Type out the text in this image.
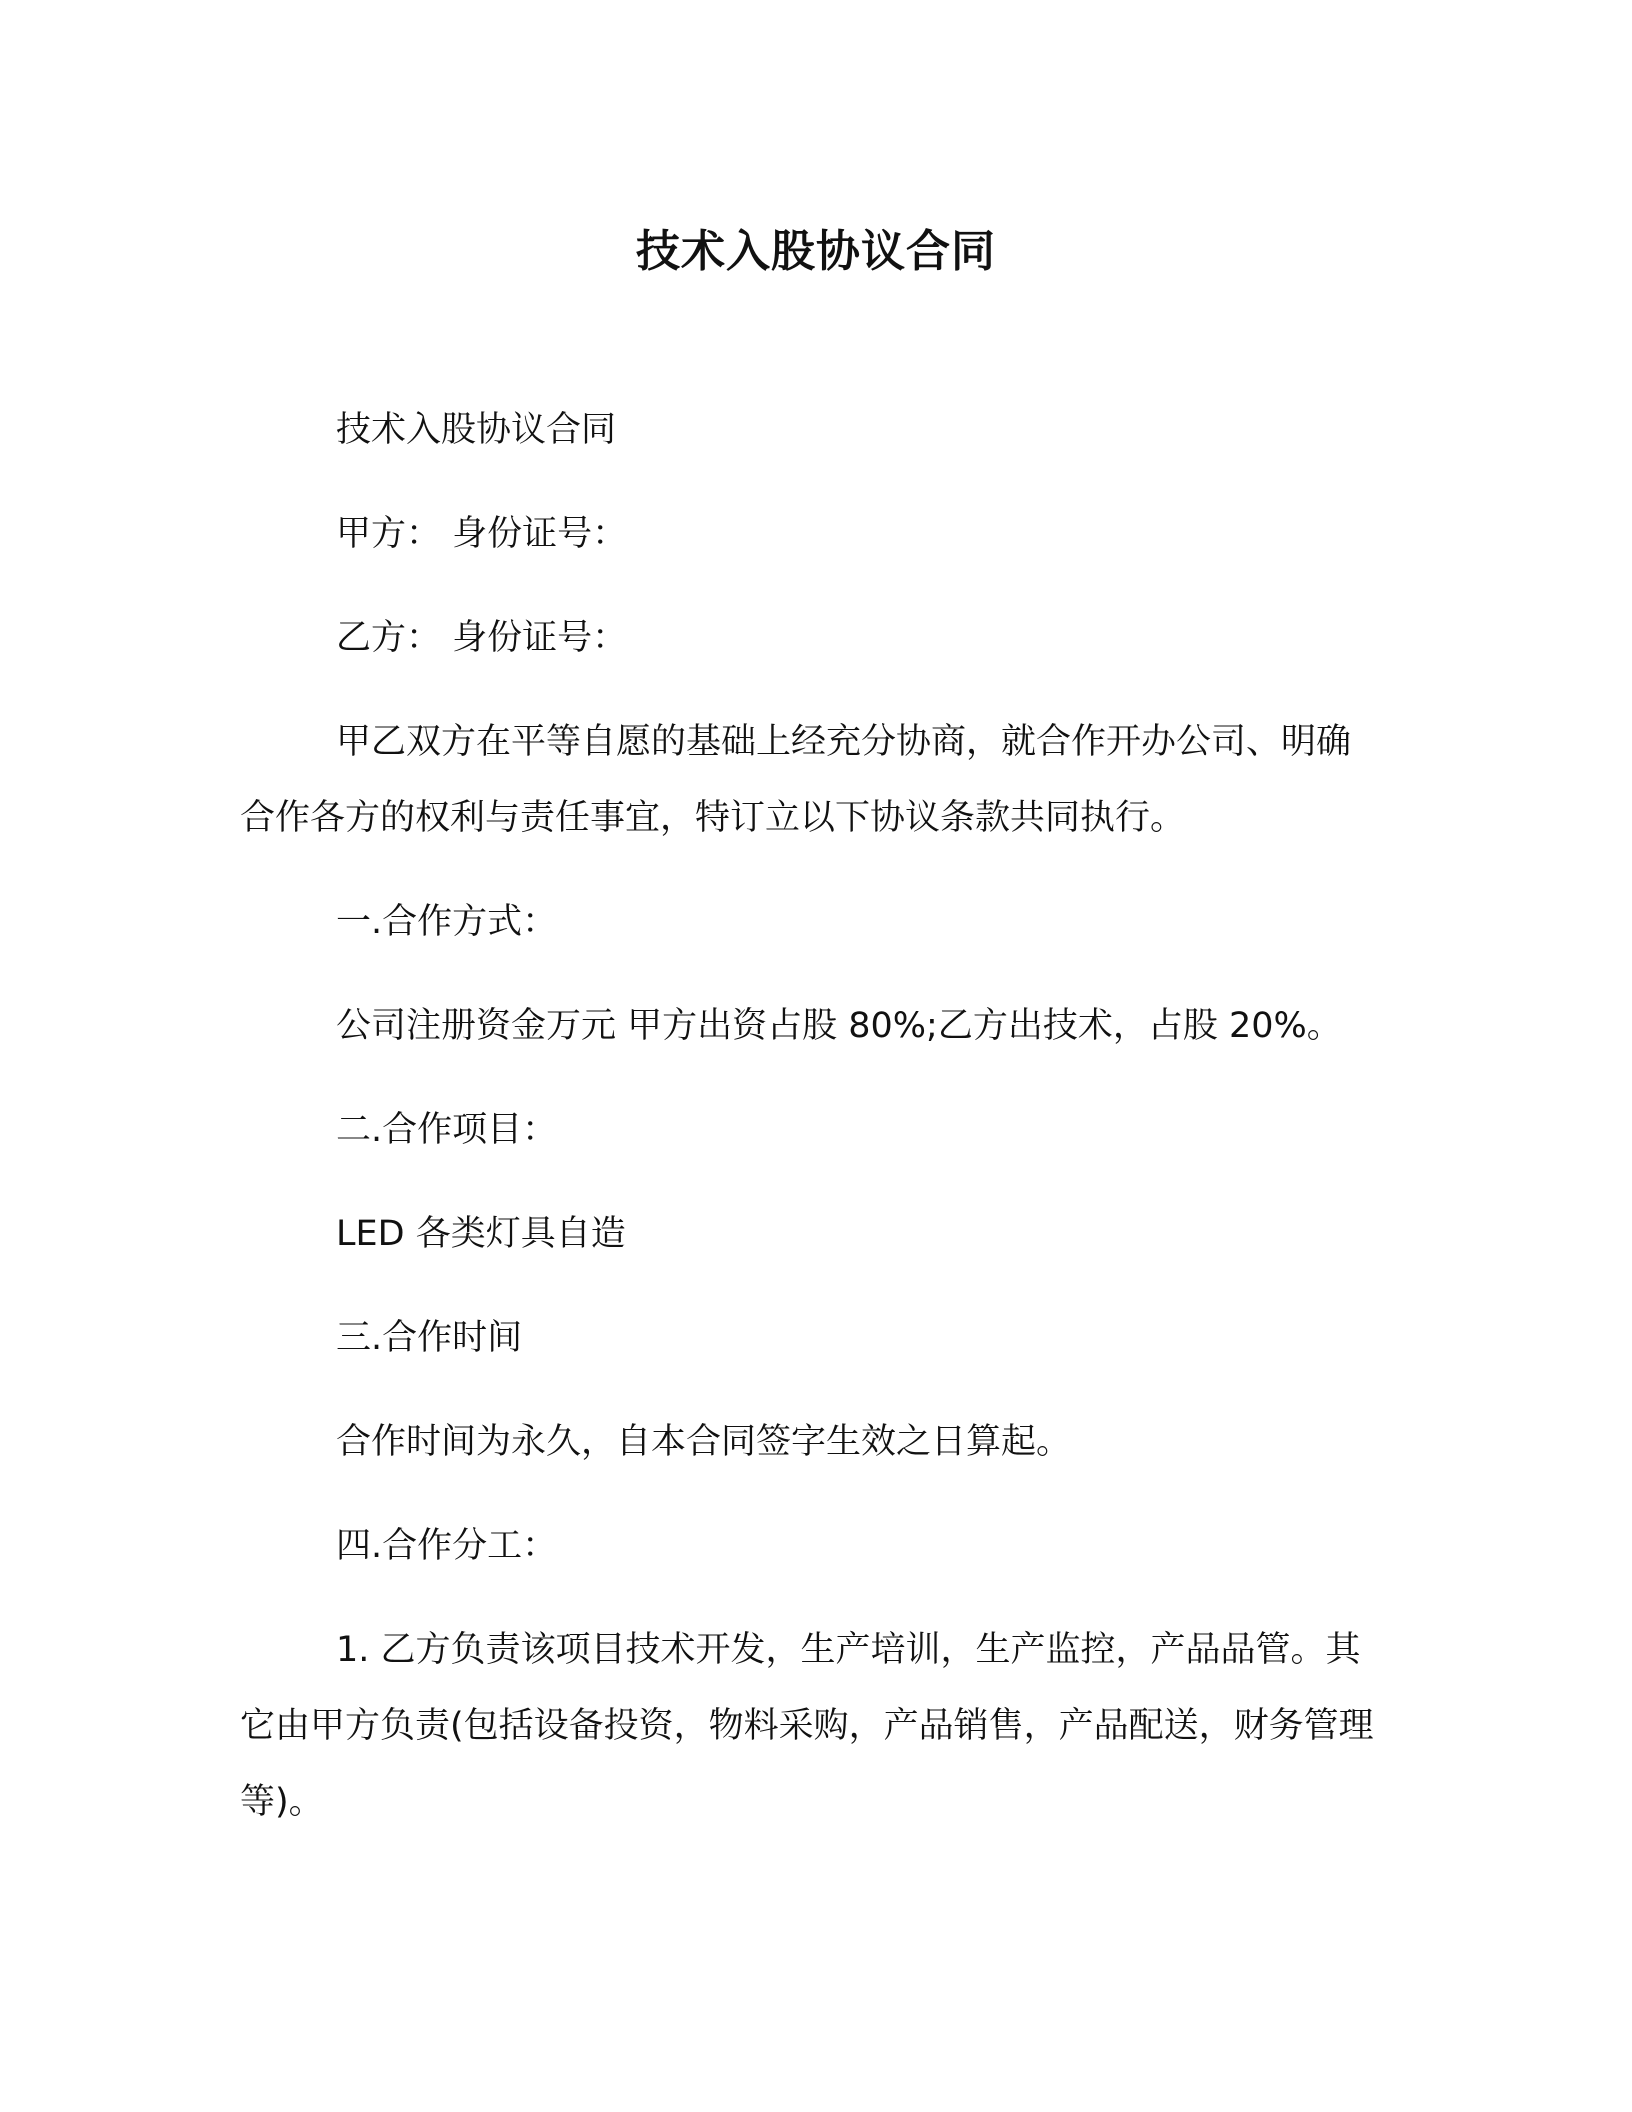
技术入股协议合同

技术入股协议合同

甲方： 身份证号：

乙方： 身份证号：

甲乙双方在平等自愿的基础上经充分协商，就合作开办公司、明确合作各方的权利与责任事宜，特订立以下协议条款共同执行。

一.合作方式：

公司注册资金万元 甲方出资占股 80%;乙方出技术，占股 20%。

二.合作项目：

LED 各类灯具自造

三.合作时间

合作时间为永久，自本合同签字生效之日算起。

四.合作分工：

1. 乙方负责该项目技术开发，生产培训，生产监控，产品品管。其它由甲方负责(包括设备投资，物料采购，产品销售，产品配送，财务管理等)。
